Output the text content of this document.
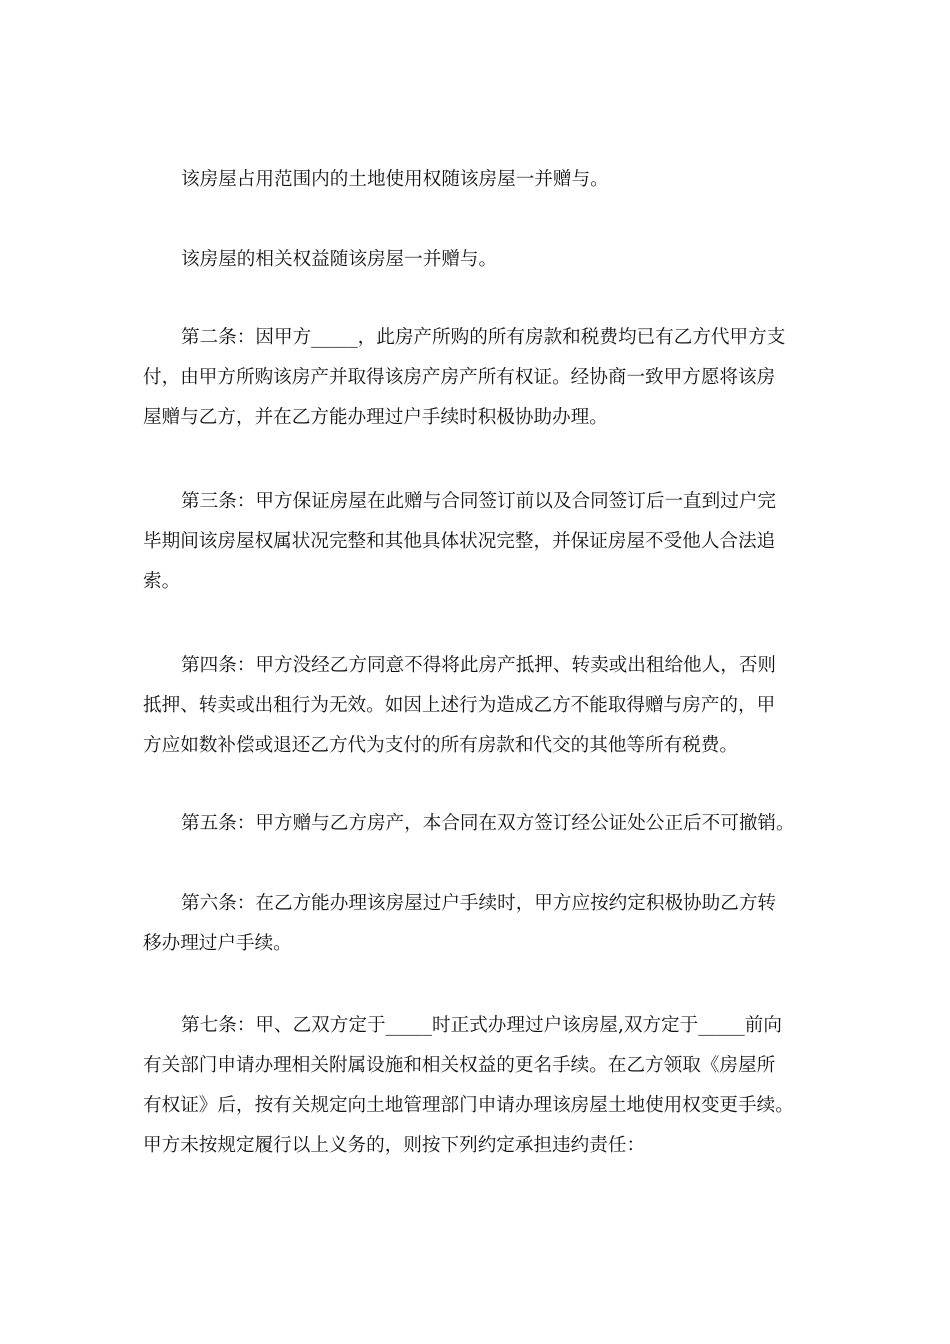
该房屋占用范围内的土地使用权随该房屋一并赠与。
该房屋的相关权益随该房屋一并赠与。
第二条：因甲方_____，此房产所购的所有房款和税费均已有乙方代甲方支
付，由甲方所购该房产并取得该房产房产所有权证。经协商一致甲方愿将该房
屋赠与乙方，并在乙方能办理过户手续时积极协助办理。
第三条：甲方保证房屋在此赠与合同签订前以及合同签订后一直到过户完
毕期间该房屋权属状况完整和其他具体状况完整，并保证房屋不受他人合法追
索。
第四条：甲方没经乙方同意不得将此房产抵押、转卖或出租给他人，否则
抵押、转卖或出租行为无效。如因上述行为造成乙方不能取得赠与房产的，甲
方应如数补偿或退还乙方代为支付的所有房款和代交的其他等所有税费。
第五条：甲方赠与乙方房产，本合同在双方签订经公证处公正后不可撤销。
第六条：在乙方能办理该房屋过户手续时，甲方应按约定积极协助乙方转
移办理过户手续。
第七条：甲、乙双方定于_____时正式办理过户该房屋,双方定于_____前向
有关部门申请办理相关附属设施和相关权益的更名手续。在乙方领取《房屋所
有权证》后，按有关规定向土地管理部门申请办理该房屋土地使用权变更手续。
甲方未按规定履行以上义务的，则按下列约定承担违约责任：
